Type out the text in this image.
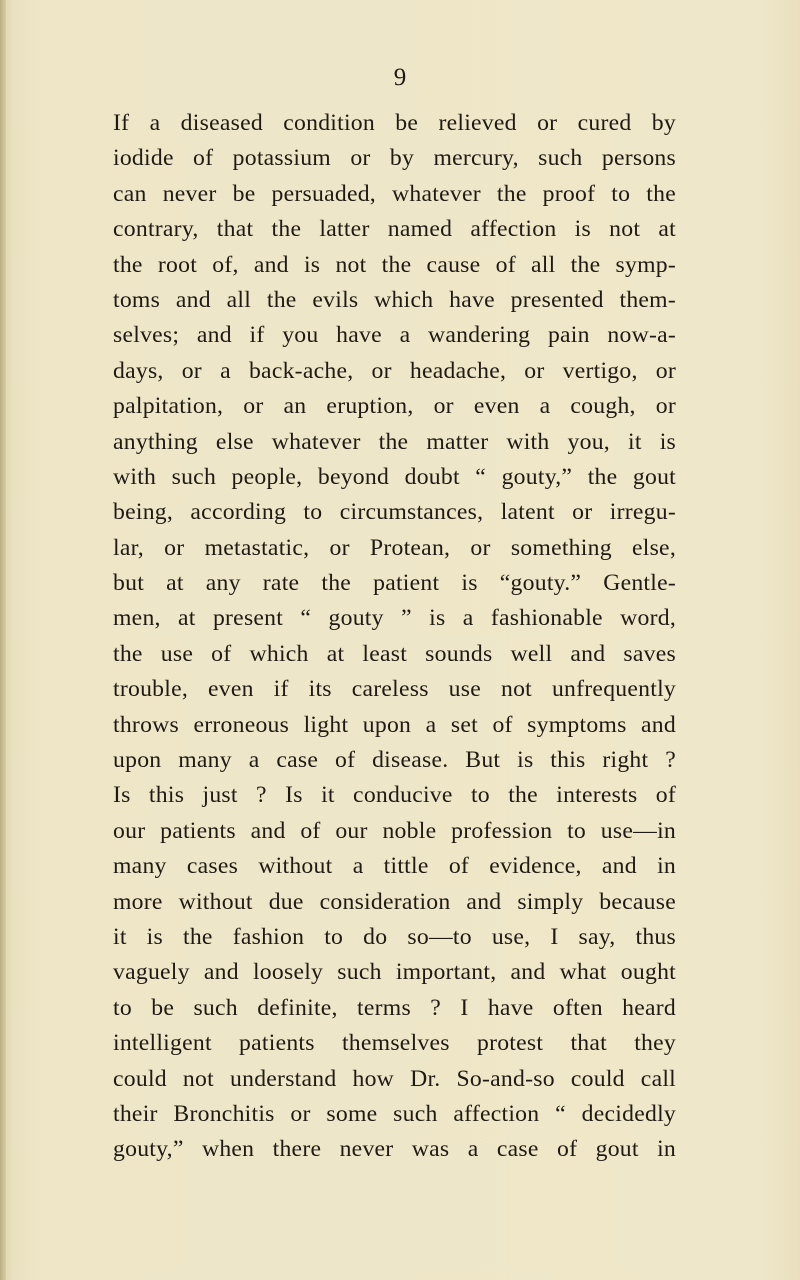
9
If a diseased condition be relieved or cured by
iodide of potassium or by mercury, such persons
can never be persuaded, whatever the proof to the
contrary, that the latter named affection is not at
the root of, and is not the cause of all the symp-
toms and all the evils which have presented them-
selves; and if you have a wandering pain now-a-
days, or a back-ache, or headache, or vertigo, or
palpitation, or an eruption, or even a cough, or
anything else whatever the matter with you, it is
with such people, beyond doubt “ gouty,” the gout
being, according to circumstances, latent or irregu-
lar, or metastatic, or Protean, or something else,
but at any rate the patient is “gouty.” Gentle-
men, at present “ gouty ” is a fashionable word,
the use of which at least sounds well and saves
trouble, even if its careless use not unfrequently
throws erroneous light upon a set of symptoms and
upon many a case of disease. But is this right ?
Is this just ? Is it conducive to the interests of
our patients and of our noble profession to use—in
many cases without a tittle of evidence, and in
more without due consideration and simply because
it is the fashion to do so—to use, I say, thus
vaguely and loosely such important, and what ought
to be such definite, terms ? I have often heard
intelligent patients themselves protest that they
could not understand how Dr. So-and-so could call
their Bronchitis or some such affection “ decidedly
gouty,” when there never was a case of gout in
